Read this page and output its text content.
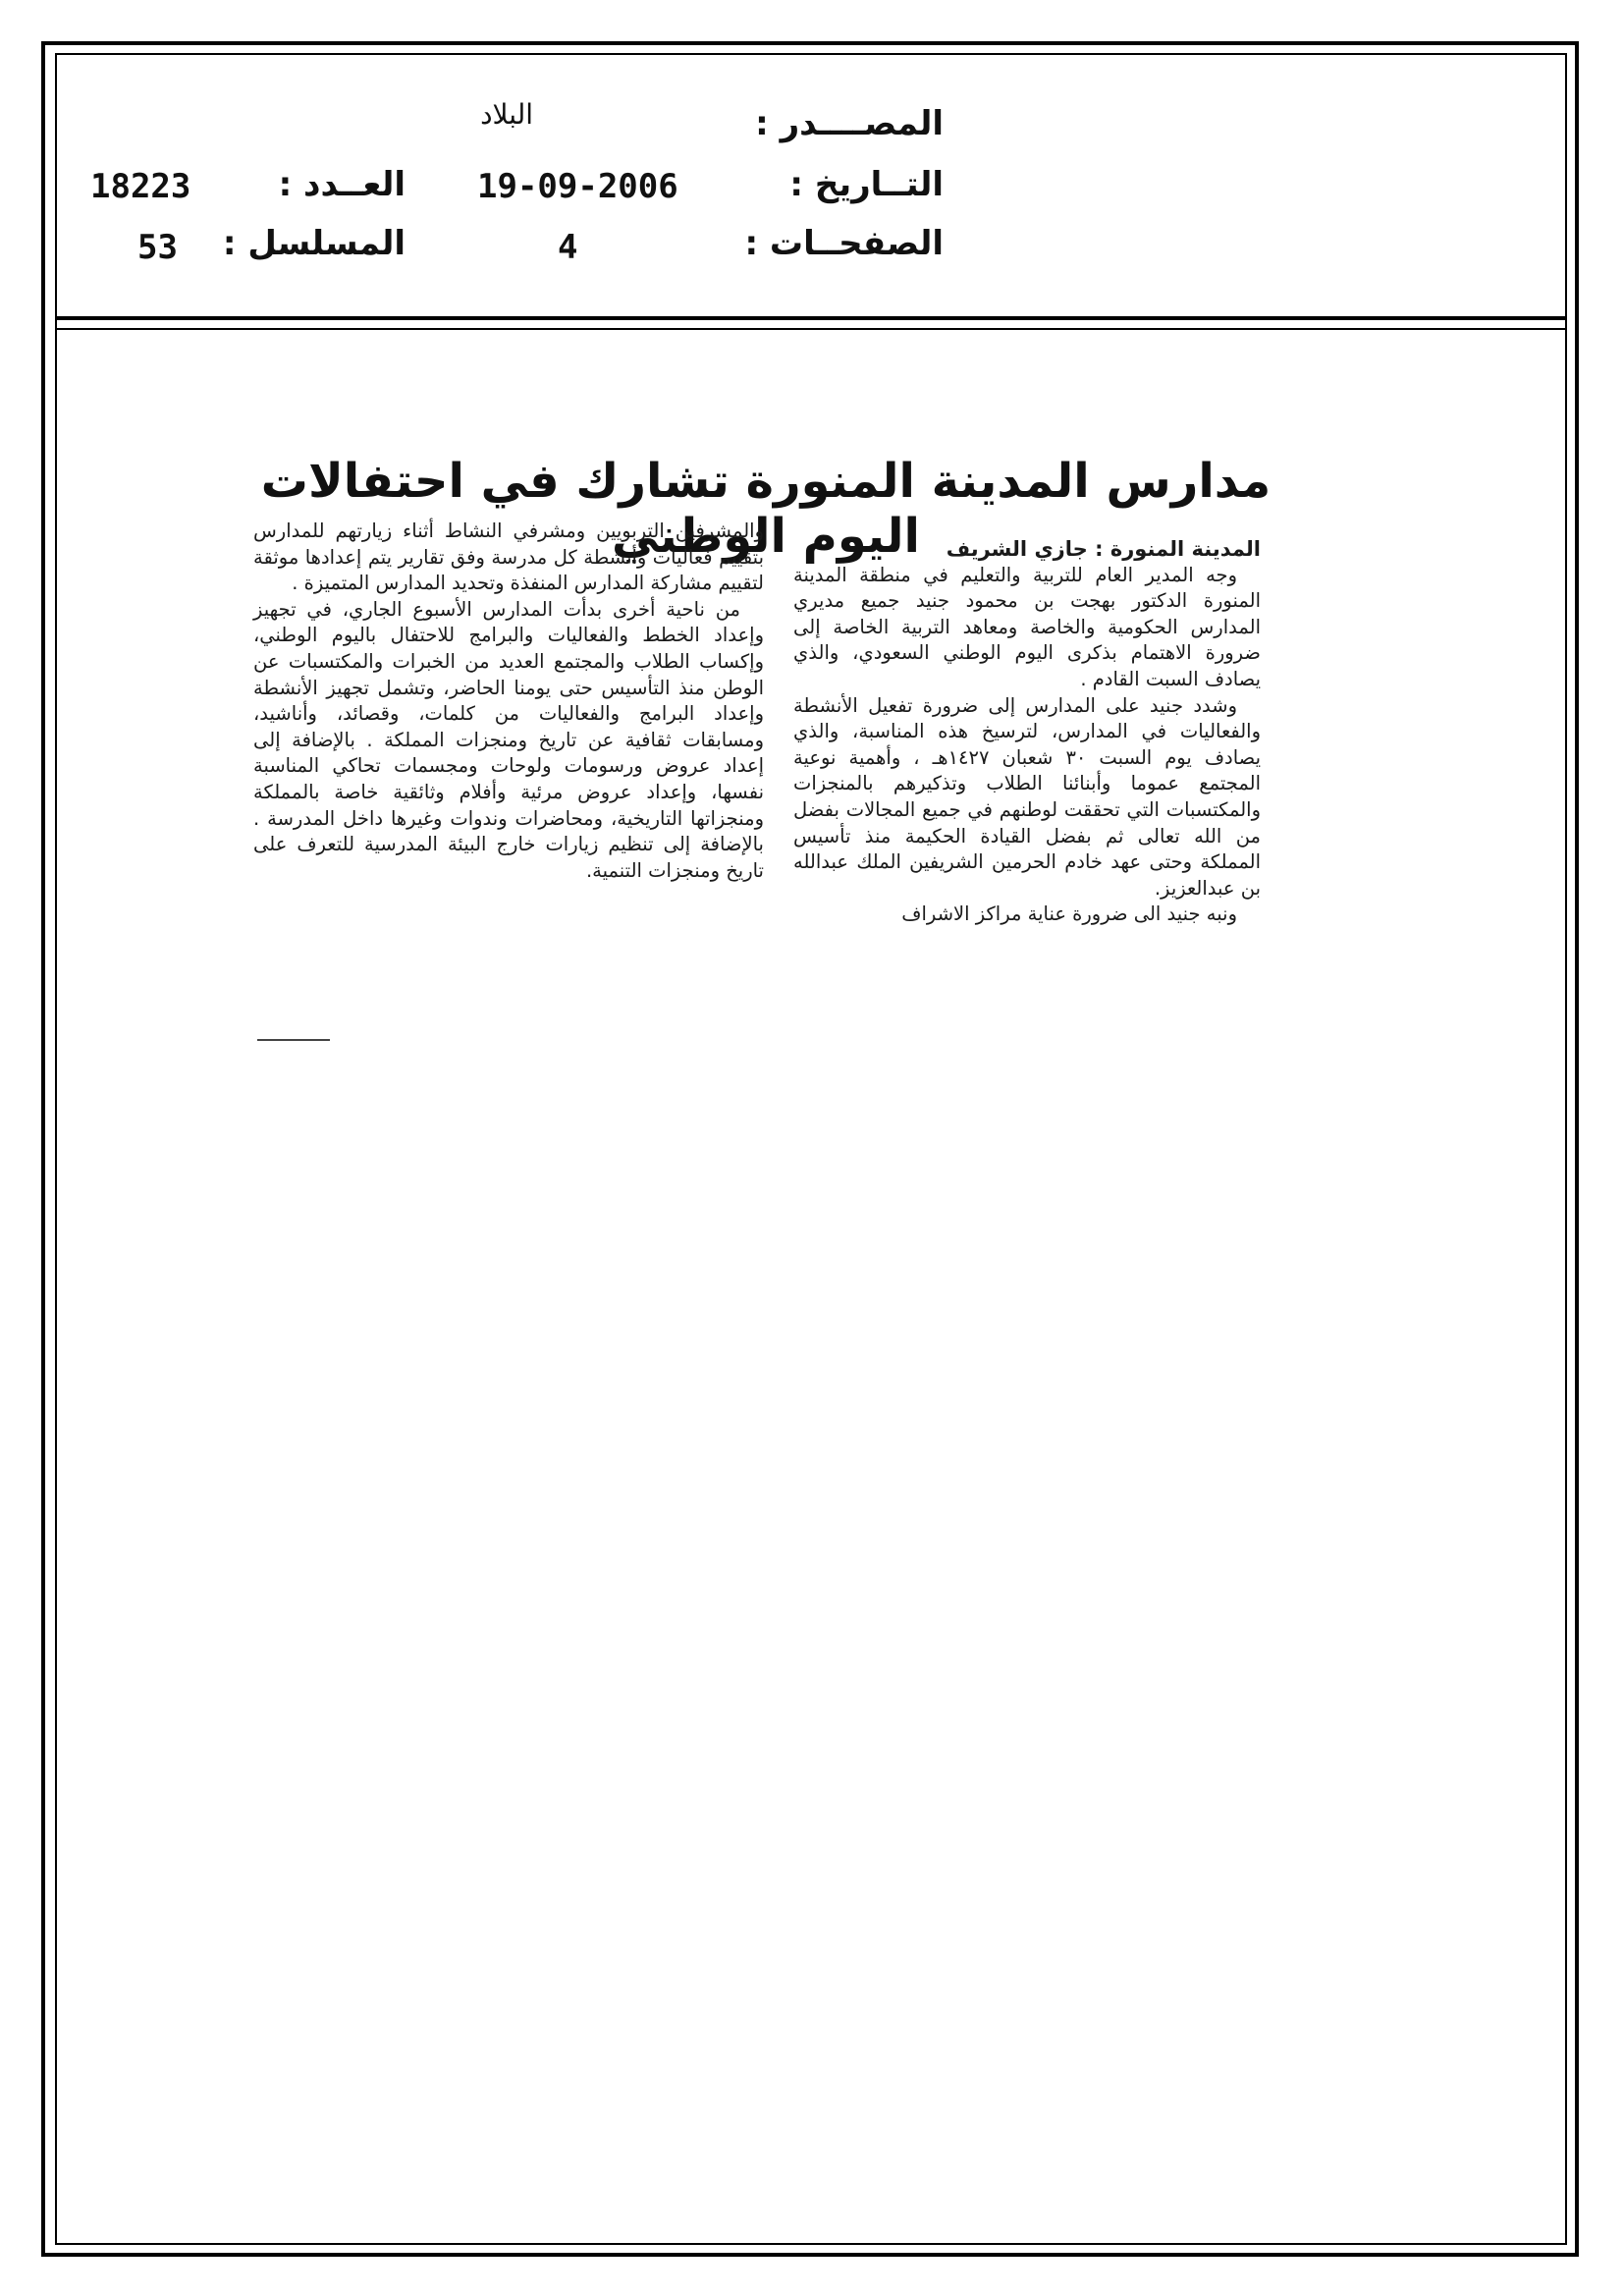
المصــــدر :
البلاد
التــاريخ :
19-09-2006
العــدد :
18223
الصفحــات :
4
المسلسل :
53
مدارس المدينة المنورة تشارك في احتفالات اليوم الوطني	المدينة المنورة : جازي الشريف

وجه المدير العام للتربية والتعليم في منطقة المدينة المنورة الدكتور بهجت بن محمود جنيد جميع مديري المدارس الحكومية والخاصة ومعاهد التربية الخاصة إلى ضرورة الاهتمام بذكرى اليوم الوطني السعودي، والذي يصادف السبت القادم .

وشدد جنيد على المدارس إلى ضرورة تفعيل الأنشطة والفعاليات في المدارس، لترسيخ هذه المناسبة، والذي يصادف يوم السبت ٣٠ شعبان ١٤٢٧هـ ، وأهمية نوعية المجتمع عموما وأبنائنا الطلاب وتذكيرهم بالمنجزات والمكتسبات التي تحققت لوطنهم في جميع المجالات بفضل من الله تعالى ثم بفضل القيادة الحكيمة منذ تأسيس المملكة وحتى عهد خادم الحرمين الشريفين الملك عبدالله بن عبدالعزيز.

ونبه جنيد الى ضرورة عناية مراكز الاشراف

والمشرفين التربويين ومشرفي النشاط أثناء زيارتهم للمدارس بتقييم فعاليات وأنشطة كل مدرسة وفق تقارير يتم إعدادها موثقة لتقييم مشاركة المدارس المنفذة وتحديد المدارس المتميزة .

من ناحية أخرى بدأت المدارس الأسبوع الجاري، في تجهيز وإعداد الخطط والفعاليات والبرامج للاحتفال باليوم الوطني، وإكساب الطلاب والمجتمع العديد من الخبرات والمكتسبات عن الوطن منذ التأسيس حتى يومنا الحاضر، وتشمل تجهيز الأنشطة وإعداد البرامج والفعاليات من كلمات، وقصائد، وأناشيد، ومسابقات ثقافية عن تاريخ ومنجزات المملكة . بالإضافة إلى إعداد عروض ورسومات ولوحات ومجسمات تحاكي المناسبة نفسها، وإعداد عروض مرئية وأفلام وثائقية خاصة بالمملكة ومنجزاتها التاريخية، ومحاضرات وندوات وغيرها داخل المدرسة . بالإضافة إلى تنظيم زيارات خارج البيئة المدرسية للتعرف على تاريخ ومنجزات التنمية.
